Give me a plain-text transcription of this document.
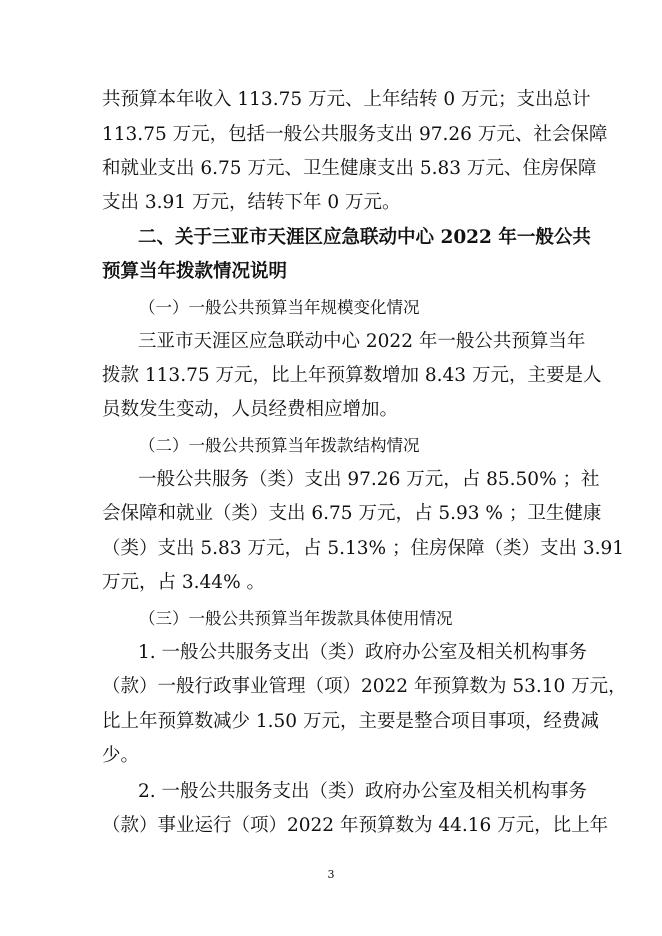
共预算本年收入 113.75 万元、上年结转 0 万元；支出总计
113.75 万元，包括一般公共服务支出 97.26 万元、社会保障
和就业支出 6.75 万元、卫生健康支出 5.83 万元、住房保障
支出 3.91 万元，结转下年 0 万元。
二、关于三亚市天涯区应急联动中心 2022 年一般公共
预算当年拨款情况说明
（一）一般公共预算当年规模变化情况
三亚市天涯区应急联动中心 2022 年一般公共预算当年
拨款 113.75 万元，比上年预算数增加 8.43 万元，主要是人
员数发生变动，人员经费相应增加。
（二）一般公共预算当年拨款结构情况
一般公共服务（类）支出 97.26 万元，占 85.50% ；社
会保障和就业（类）支出 6.75 万元，占 5.93 % ；卫生健康
（类）支出 5.83 万元，占 5.13% ；住房保障（类）支出 3.91
万元，占 3.44% 。
（三）一般公共预算当年拨款具体使用情况
1. 一般公共服务支出（类）政府办公室及相关机构事务
（款）一般行政事业管理（项）2022 年预算数为 53.10 万元，
比上年预算数减少 1.50 万元，主要是整合项目事项，经费减
少。
2. 一般公共服务支出（类）政府办公室及相关机构事务
（款）事业运行（项）2022 年预算数为 44.16 万元，比上年
3
